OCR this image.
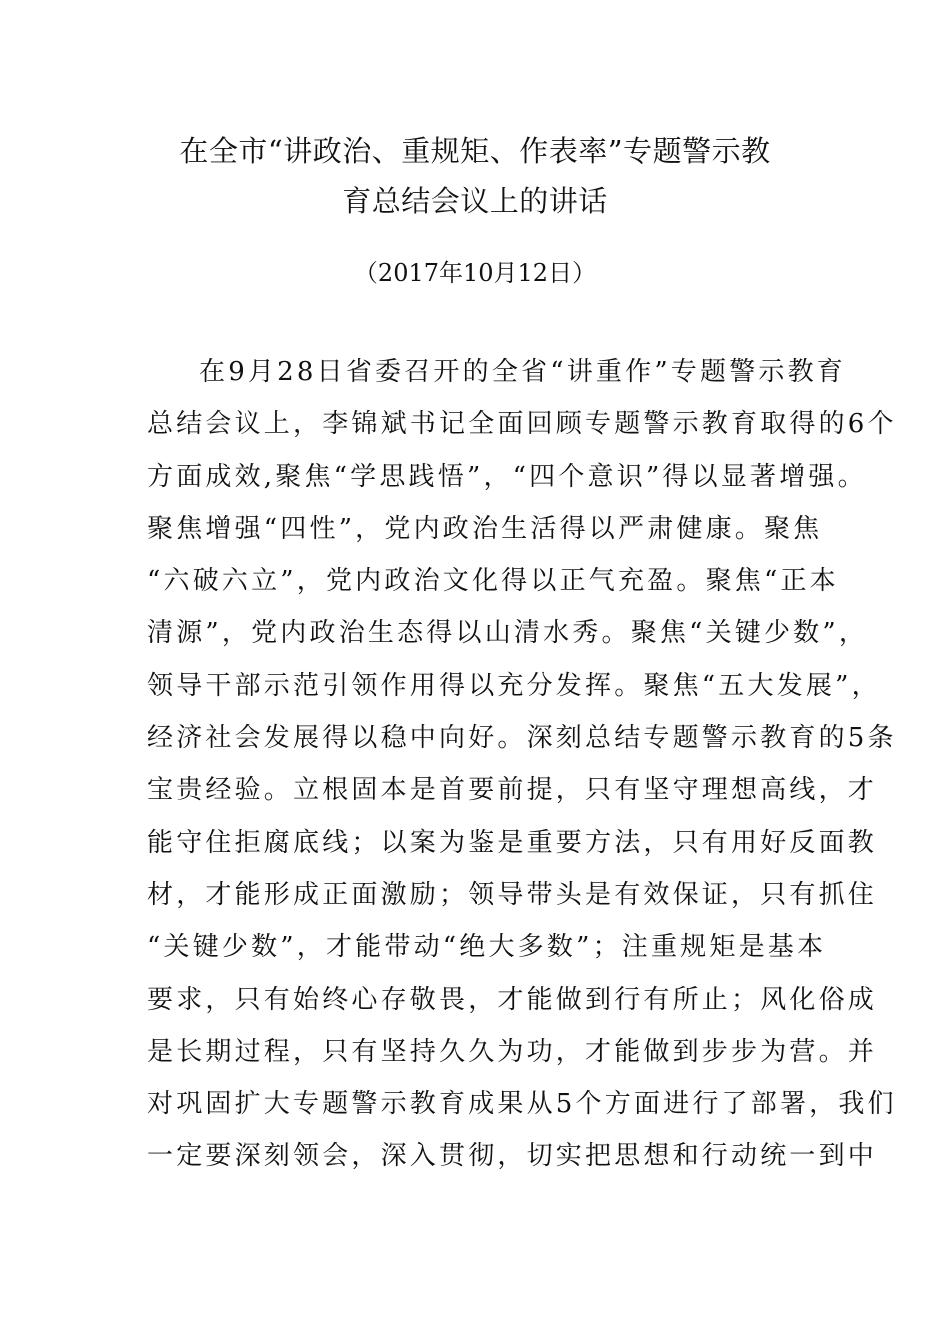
在全市“讲政治、重规矩、作表率”专题警示教
育总结会议上的讲话
（2017年10月12日）
在9月28日省委召开的全省“讲重作”专题警示教育
总结会议上，李锦斌书记全面回顾专题警示教育取得的6个
方面成效,聚焦“学思践悟”，“四个意识”得以显著增强。
聚焦增强“四性”，党内政治生活得以严肃健康。聚焦
“六破六立”，党内政治文化得以正气充盈。聚焦“正本
清源”，党内政治生态得以山清水秀。聚焦“关键少数”，
领导干部示范引领作用得以充分发挥。聚焦“五大发展”，
经济社会发展得以稳中向好。深刻总结专题警示教育的5条
宝贵经验。立根固本是首要前提，只有坚守理想高线，才
能守住拒腐底线；以案为鉴是重要方法，只有用好反面教
材，才能形成正面激励；领导带头是有效保证，只有抓住
“关键少数”，才能带动“绝大多数”；注重规矩是基本
要求，只有始终心存敬畏，才能做到行有所止；风化俗成
是长期过程，只有坚持久久为功，才能做到步步为营。并
对巩固扩大专题警示教育成果从5个方面进行了部署，我们
一定要深刻领会，深入贯彻，切实把思想和行动统一到中
